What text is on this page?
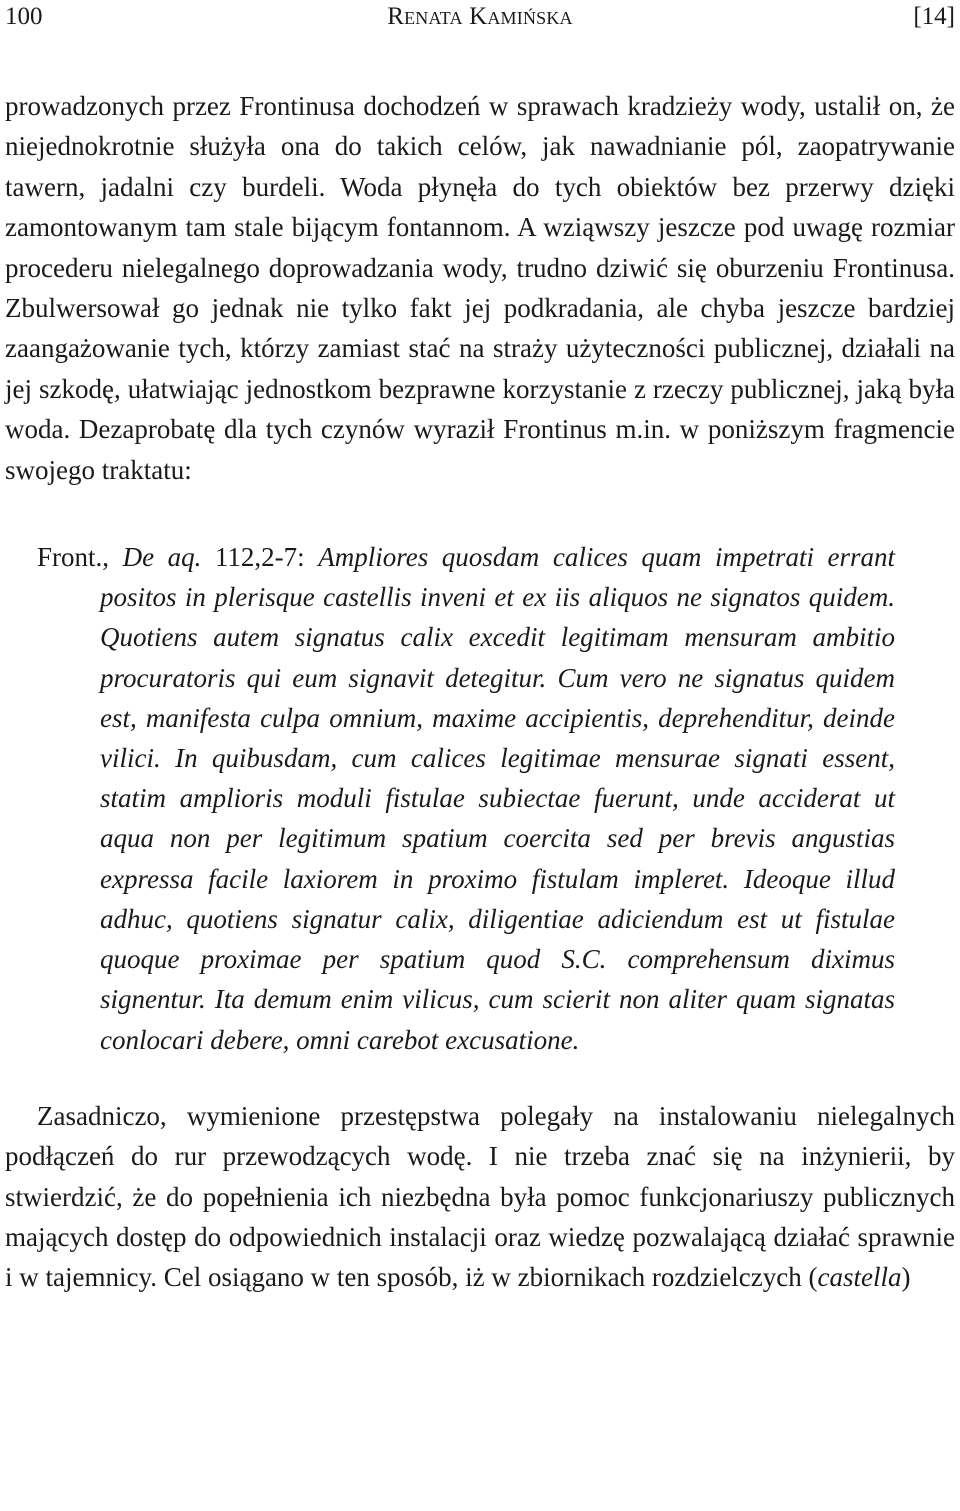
100	Renata Kamińska	[14]

prowadzonych przez Frontinusa dochodzeń w sprawach kradzieży wody, ustalił on, że niejednokrotnie służyła ona do takich celów, jak nawadnianie pól, zaopatrywanie tawern, jadalni czy burdeli. Woda płynęła do tych obiektów bez przerwy dzięki zamontowanym tam stale bijącym fontannom. A wziąwszy jeszcze pod uwagę rozmiar procederu nielegalnego doprowadzania wody, trudno dziwić się oburzeniu Frontinusa. Zbulwersował go jednak nie tylko fakt jej podkradania, ale chyba jeszcze bardziej zaangażowanie tych, którzy zamiast stać na straży użyteczności publicznej, działali na jej szkodę, ułatwiając jednostkom bezprawne korzystanie z rzeczy publicznej, jaką była woda. Dezaprobatę dla tych czynów wyraził Frontinus m.in. w poniższym fragmencie swojego traktatu:

Front., De aq. 112,2-7: Ampliores quosdam calices quam impetrati errant positos in plerisque castellis inveni et ex iis aliquos ne signatos quidem. Quotiens autem signatus calix excedit legitimam mensuram ambitio procuratoris qui eum signavit detegitur. Cum vero ne signatus quidem est, manifesta culpa omnium, maxime accipientis, deprehenditur, deinde vilici. In quibusdam, cum calices legitimae mensurae signati essent, statim amplioris moduli fistulae subiectae fuerunt, unde acciderat ut aqua non per legitimum spatium coercita sed per brevis angustias expressa facile laxiorem in proximo fistulam impleret. Ideoque illud adhuc, quotiens signatur calix, diligentiae adiciendum est ut fistulae quoque proximae per spatium quod S.C. comprehensum diximus signentur. Ita demum enim vilicus, cum scierit non aliter quam signatas conlocari debere, omni carebot excusatione.

Zasadniczo, wymienione przestępstwa polegały na instalowaniu nielegalnych podłączeń do rur przewodzących wodę. I nie trzeba znać się na inżynierii, by stwierdzić, że do popełnienia ich niezbędna była pomoc funkcjonariuszy publicznych mających dostęp do odpowiednich instalacji oraz wiedzę pozwalającą działać sprawnie i w tajemnicy. Cel osiągano w ten sposób, iż w zbiornikach rozdzielczych (castella)
